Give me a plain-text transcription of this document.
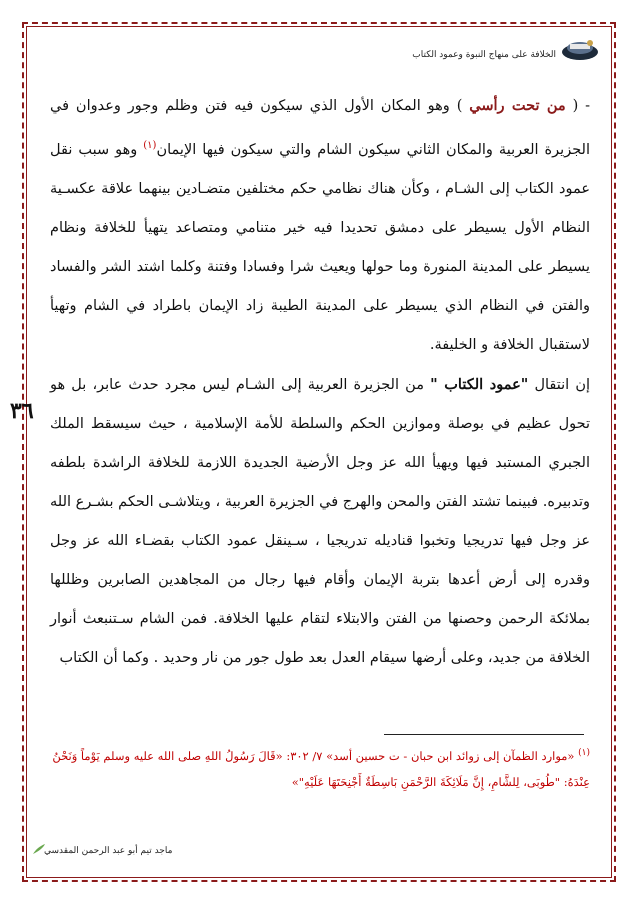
الخلافة على منهاج النبوة وعمود الكتاب
٣٦

- ( من تحت رأسي ) وهو المكان الأول الذي سيكون فيه فتن وظلم وجور وعدوان في الجزيرة العربية والمكان الثاني سيكون الشام والتي سيكون فيها الإيمان$^{(١)}$ وهو سبب نقل عمود الكتاب إلى الشـام ، وكأن هناك نظامي حكم مختلفين متضـادين بينهما علاقة عكسـية النظام الأول يسيطر على دمشق تحديدا فيه خير متنامي ومتصاعد يتهيأ للخلافة ونظام يسيطر على المدينة المنورة وما حولها ويعيث شرا وفسادا وفتنة وكلما اشتد الشر والفساد والفتن في النظام الذي يسيطر على المدينة الطيبة زاد الإيمان باطراد في الشام وتهيأ لاستقبال الخلافة و الخليفة.

إن انتقال "عمود الكتاب " من الجزيرة العربية إلى الشـام ليس مجرد حدث عابر، بل هو تحول عظيم في بوصلة وموازين الحكم والسلطة للأمة الإسلامية ، حيث سيسقط الملك الجبري المستبد فيها ويهيأ الله عز وجل الأرضية الجديدة اللازمة للخلافة الراشدة بلطفه وتدبيره. فبينما تشتد الفتن والمحن والهرج في الجزيرة العربية ، ويتلاشـى الحكم بشـرع الله عز وجل فيها تدريجيا وتخبوا قناديله تدريجيا ، سـينقل عمود الكتاب بقضـاء الله عز وجل وقدره إلى أرض أعدها بتربة الإيمان وأقام فيها رجال من المجاهدين الصابرين وظللها بملائكة الرحمن وحصنها من الفتن والابتلاء لتقام عليها الخلافة. فمن الشام سـتنبعث أنوار الخلافة من جديد، وعلى أرضها سيقام العدل بعد طول جور من نار وحديد . وكما أن الكتاب

$^{(١)}$ «موارد الظمآن إلى زوائد ابن حبان - ت حسين أسد» ٧/ ٣٠٢: «قَالَ رَسُولُ اللهِ صلى الله عليه وسلم يَوْماً وَنَحْنُ عِنْدَهُ: "طُوبَى، لِلشَّامِ، إِنَّ مَلَائِكَةَ الرَّحْمَنِ بَاسِطَةٌ أَجْنِحَتَهَا عَلَيْهِ"»
ماجد تيم أبو عبد الرحمن المقدسي
